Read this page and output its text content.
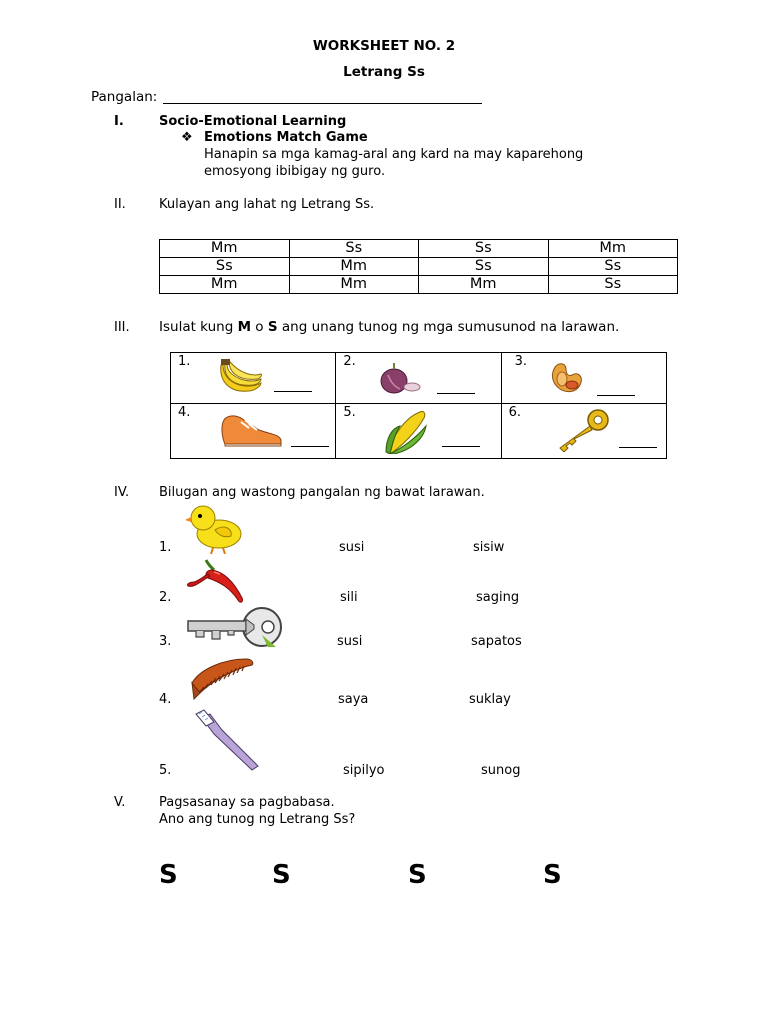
WORKSHEET NO. 2
Letrang Ss
Pangalan:
I.	Socio-Emotional Learning
❖ Emotions Match Game
Hanapin sa mga kamag-aral ang kard na may kaparehong
emosyong ibibigay ng guro.
II.	Kulayan ang lahat ng Letrang Ss.
Mm	Ss	Ss	Mm
Ss	Mm	Ss	Ss
Mm	Mm	Mm	Ss
III. Isulat kung M o S ang unang tunog ng mga sumusunod na larawan.
1.	2.	3.

4.	5.	6.
IV. Bilugan ang wastong pangalan ng bawat larawan.
1.	susi	sisiw
2.	sili	saging
3.	susi	sapatos
4.	saya	suklay
5.	sipilyo	sunog
V.	Pagsasanay sa pagbabasa.
Ano ang tunog ng Letrang Ss?
S	S	S	S
